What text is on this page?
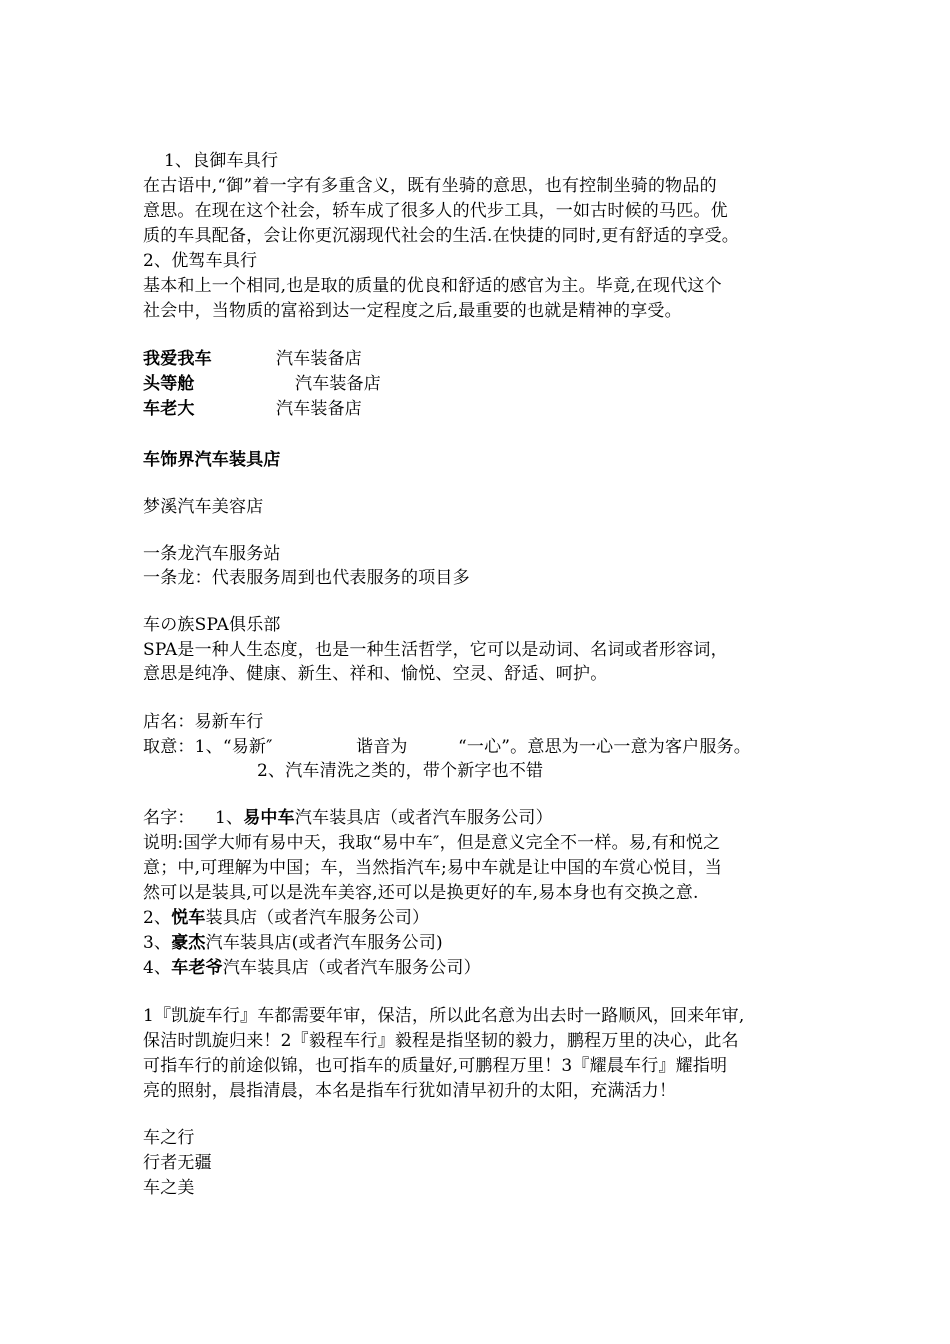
1、良御车具行
在古语中,“御”着一字有多重含义，既有坐骑的意思，也有控制坐骑的物品的
意思。在现在这个社会，轿车成了很多人的代步工具，一如古时候的马匹。优
质的车具配备，会让你更沉溺现代社会的生活.在快捷的同时,更有舒适的享受。
2、优驾车具行
基本和上一个相同,也是取的质量的优良和舒适的感官为主。毕竟,在现代这个
社会中，当物质的富裕到达一定程度之后,最重要的也就是精神的享受。
我爱我车	汽车装备店
头等舱	汽车装备店
车老大	汽车装备店
车饰界汽车装具店
梦溪汽车美容店
一条龙汽车服务站
一条龙：代表服务周到也代表服务的项目多
车の族SPA俱乐部
SPA是一种人生态度，也是一种生活哲学，它可以是动词、名词或者形容词，
意思是纯净、健康、新生、祥和、愉悦、空灵、舒适、呵护。
店名：易新车行
取意：1、“易新″	谐音为	“一心”。意思为一心一意为客户服务。
2、汽车清洗之类的，带个新字也不错
名字： 1、易中车汽车装具店（或者汽车服务公司）
说明:国学大师有易中天，我取“易中车″，但是意义完全不一样。易,有和悦之
意；中,可理解为中国；车，当然指汽车;易中车就是让中国的车赏心悦目，当
然可以是装具,可以是洗车美容,还可以是换更好的车,易本身也有交换之意.
2、悦车装具店（或者汽车服务公司）
3、豪杰汽车装具店(或者汽车服务公司)
4、车老爷汽车装具店（或者汽车服务公司）
1『凯旋车行』车都需要年审，保洁，所以此名意为出去时一路顺风，回来年审,
保洁时凯旋归来！2『毅程车行』毅程是指坚韧的毅力，鹏程万里的决心，此名
可指车行的前途似锦，也可指车的质量好,可鹏程万里！3『耀晨车行』耀指明
亮的照射，晨指清晨，本名是指车行犹如清早初升的太阳，充满活力！
车之行
行者无疆
车之美
